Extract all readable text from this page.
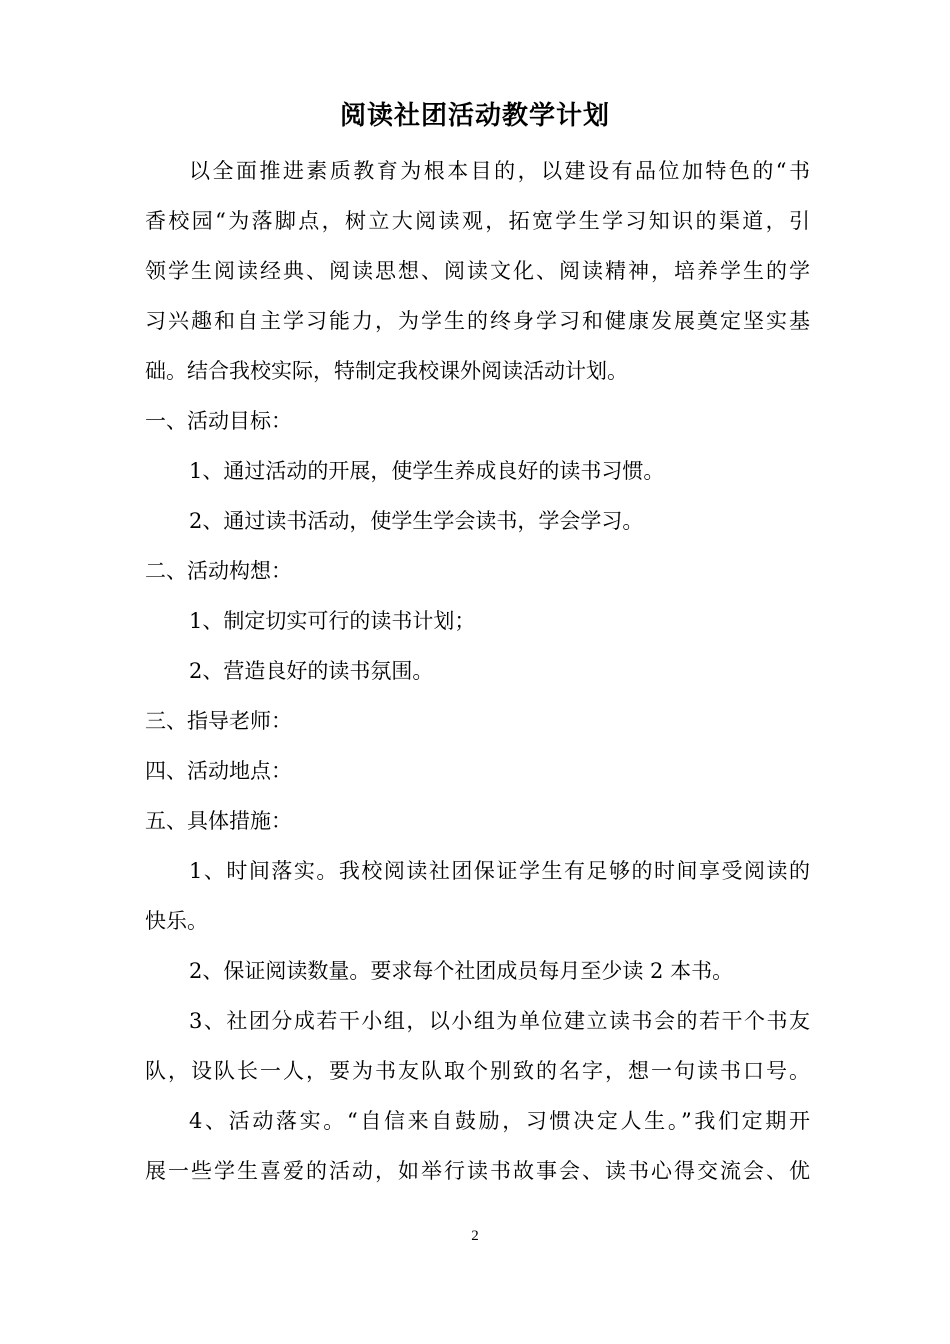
阅读社团活动教学计划
以全面推进素质教育为根本目的，以建设有品位加特色的“书
香校园“为落脚点，树立大阅读观，拓宽学生学习知识的渠道，引
领学生阅读经典、阅读思想、阅读文化、阅读精神，培养学生的学
习兴趣和自主学习能力，为学生的终身学习和健康发展奠定坚实基
础。结合我校实际，特制定我校课外阅读活动计划。
一、活动目标：
1、通过活动的开展，使学生养成良好的读书习惯。
2、通过读书活动，使学生学会读书，学会学习。
二、活动构想：
1、制定切实可行的读书计划；
2、营造良好的读书氛围。
三、指导老师：
四、活动地点：
五、具体措施：
1、时间落实。我校阅读社团保证学生有足够的时间享受阅读的
快乐。
2、保证阅读数量。要求每个社团成员每月至少读 2 本书。
3、社团分成若干小组，以小组为单位建立读书会的若干个书友
队，设队长一人，要为书友队取个别致的名字，想一句读书口号。
4、活动落实。“自信来自鼓励，习惯决定人生。”我们定期开
展一些学生喜爱的活动，如举行读书故事会、读书心得交流会、优
2
